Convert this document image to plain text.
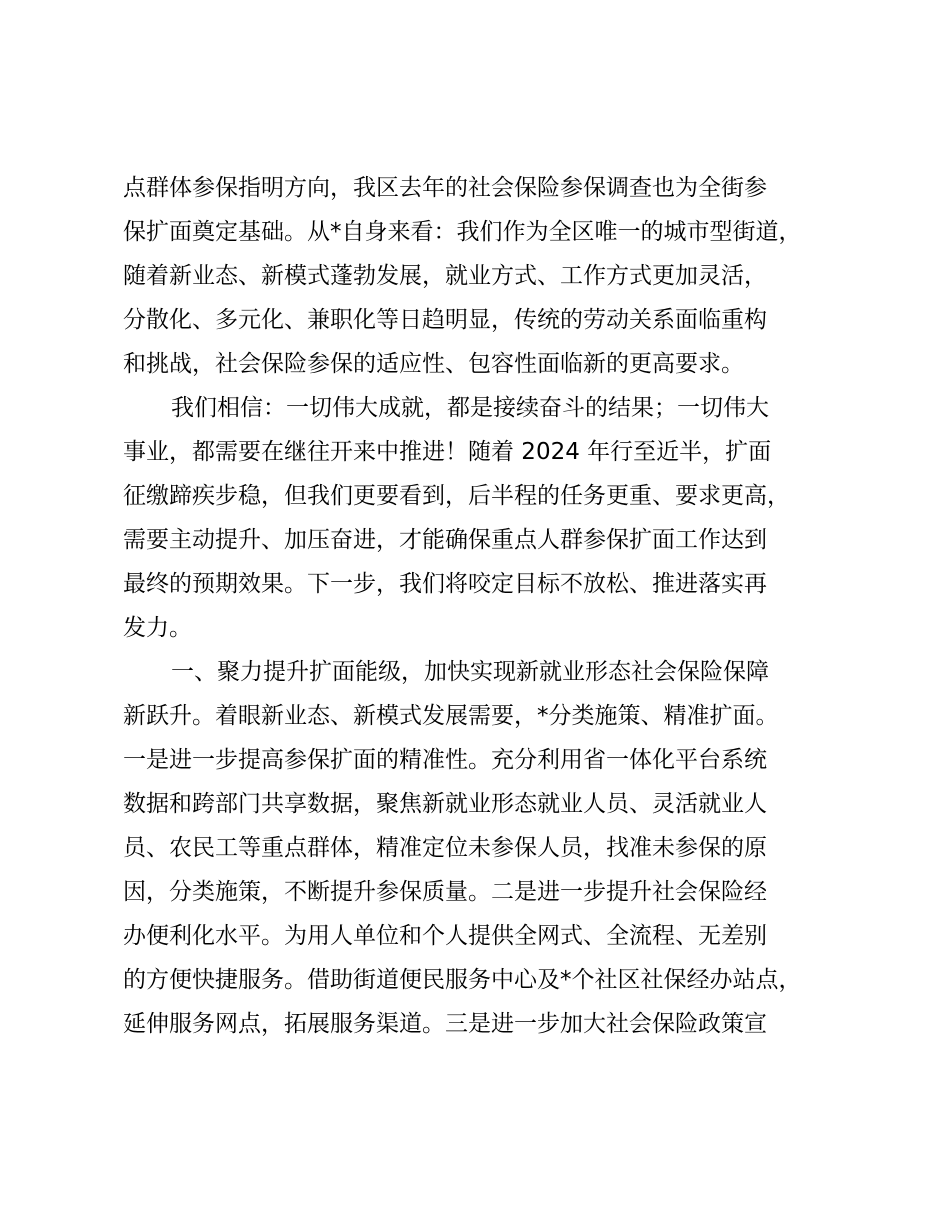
点群体参保指明方向，我区去年的社会保险参保调查也为全街参
保扩面奠定基础。从*自身来看：我们作为全区唯一的城市型街道，
随着新业态、新模式蓬勃发展，就业方式、工作方式更加灵活，
分散化、多元化、兼职化等日趋明显，传统的劳动关系面临重构
和挑战，社会保险参保的适应性、包容性面临新的更高要求。
我们相信：一切伟大成就，都是接续奋斗的结果；一切伟大
事业，都需要在继往开来中推进！随着 2024 年行至近半，扩面
征缴蹄疾步稳，但我们更要看到，后半程的任务更重、要求更高，
需要主动提升、加压奋进，才能确保重点人群参保扩面工作达到
最终的预期效果。下一步，我们将咬定目标不放松、推进落实再
发力。
一、聚力提升扩面能级，加快实现新就业形态社会保险保障
新跃升。着眼新业态、新模式发展需要，*分类施策、精准扩面。
一是进一步提高参保扩面的精准性。充分利用省一体化平台系统
数据和跨部门共享数据，聚焦新就业形态就业人员、灵活就业人
员、农民工等重点群体，精准定位未参保人员，找准未参保的原
因，分类施策，不断提升参保质量。二是进一步提升社会保险经
办便利化水平。为用人单位和个人提供全网式、全流程、无差别
的方便快捷服务。借助街道便民服务中心及*个社区社保经办站点，
延伸服务网点，拓展服务渠道。三是进一步加大社会保险政策宣
